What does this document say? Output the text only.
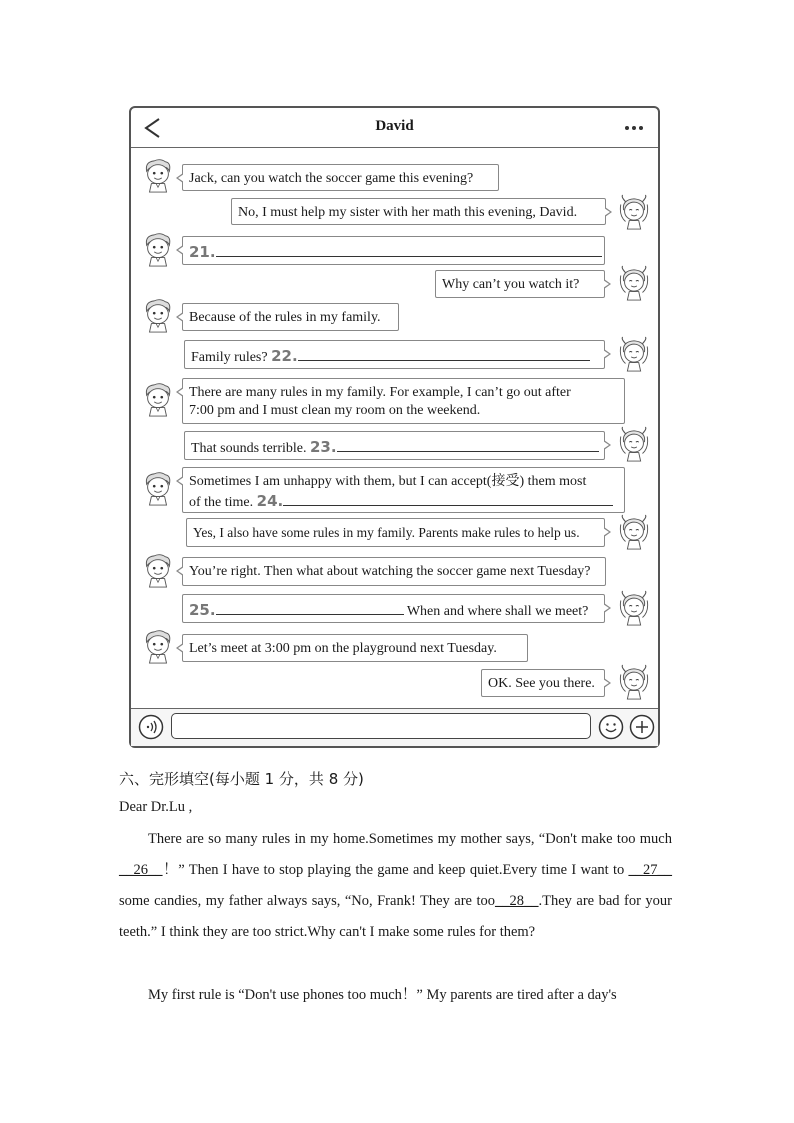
David
Jack, can you watch the soccer game this evening?
No, I must help my sister with her math this evening, David.
21.
Why can’t you watch it?
Because of the rules in my family.
Family rules? 22.
There are many rules in my family. For example, I can’t go out after
7:00 pm and I must clean my room on the weekend.
That sounds terrible. 23.
Sometimes I am unhappy with them, but I can accept(接受) them most
of the time. 24.
Yes, I also have some rules in my family. Parents make rules to help us.
You’re right. Then what about watching the soccer game next Tuesday?
25.	When and where shall we meet?
Let’s meet at 3:00 pm on the playground next Tuesday.
OK. See you there.
六、完形填空(每小题 1 分，共 8 分)
Dear Dr.Lu ,
There are so many rules in my home.Sometimes my mother says, “Don't make too much __26__！” Then I have to stop playing the game and keep quiet.Every time I want to __27__ some candies, my father always says, “No, Frank! They are too__28__.They are bad for your teeth.” I think they are too strict.Why can't I make some rules for them?
My first rule is “Don't use phones too much！” My parents are tired after a day's
